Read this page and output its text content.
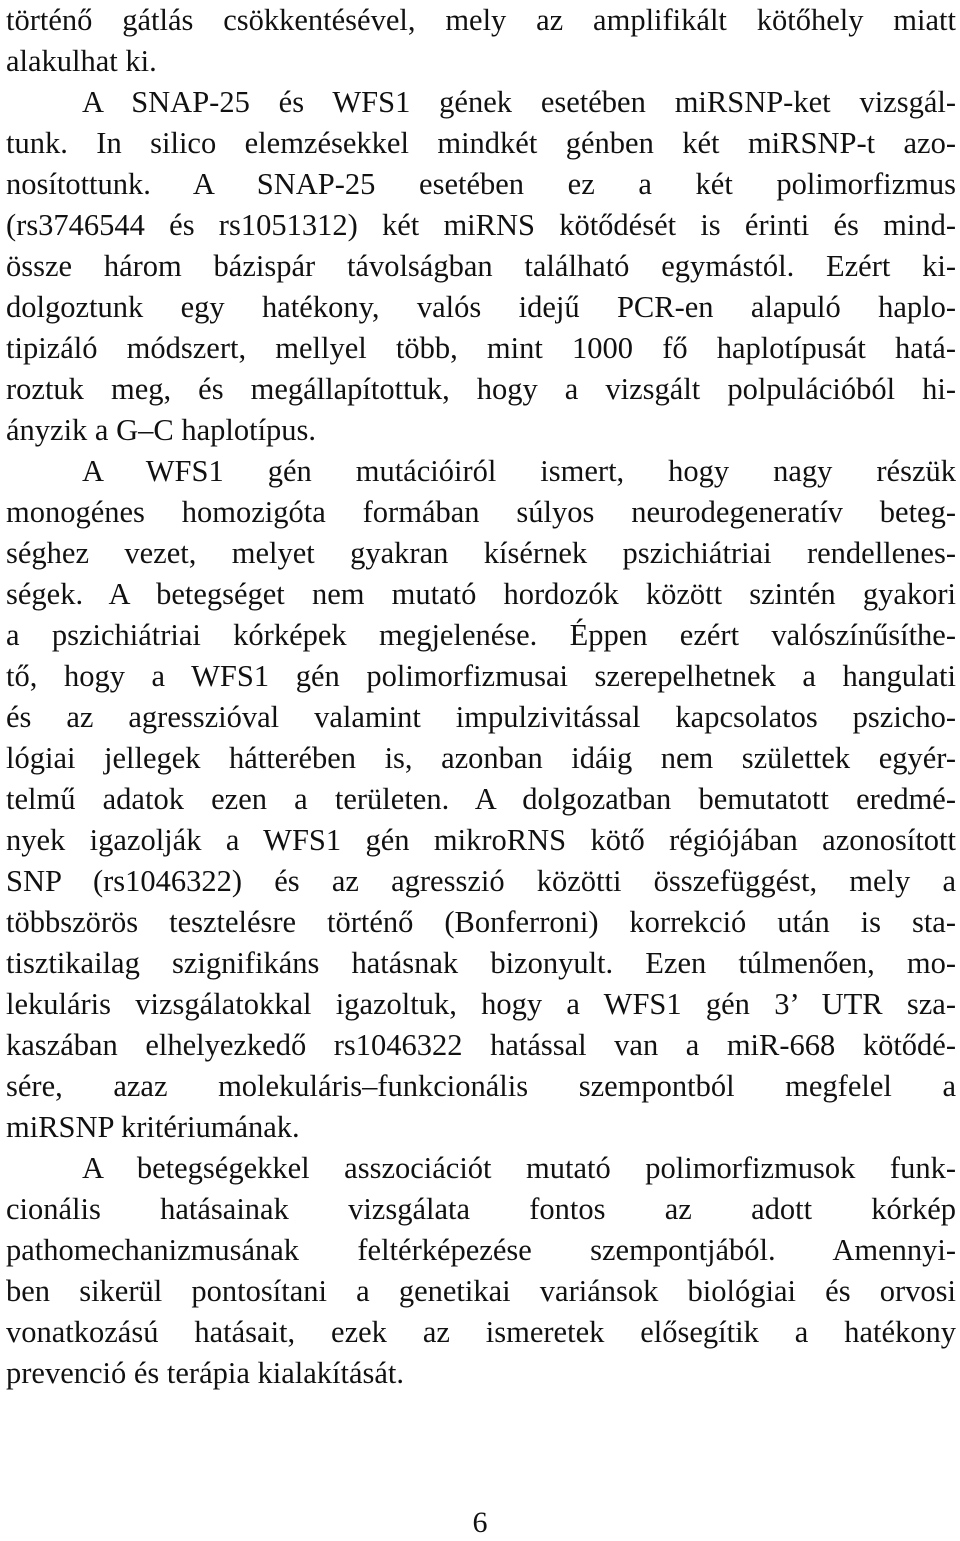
történő gátlás csökkentésével, mely az amplifikált kötőhely miatt
alakulhat ki.
A SNAP-25 és WFS1 gének esetében miRSNP-ket vizsgál-
tunk. In silico elemzésekkel mindkét génben két miRSNP-t azo-
nosítottunk. A SNAP-25 esetében ez a két polimorfizmus
(rs3746544 és rs1051312) két miRNS kötődését is érinti és mind-
össze három bázispár távolságban található egymástól. Ezért ki-
dolgoztunk egy hatékony, valós idejű PCR-en alapuló haplo-
tipizáló módszert, mellyel több, mint 1000 fő haplotípusát hatá-
roztuk meg, és megállapítottuk, hogy a vizsgált polpulációból hi-
ányzik a G–C haplotípus.
A WFS1 gén mutációiról ismert, hogy nagy részük
monogénes homozigóta formában súlyos neurodegeneratív beteg-
séghez vezet, melyet gyakran kísérnek pszichiátriai rendellenes-
ségek. A betegséget nem mutató hordozók között szintén gyakori
a pszichiátriai kórképek megjelenése. Éppen ezért valószínűsíthe-
tő, hogy a WFS1 gén polimorfizmusai szerepelhetnek a hangulati
és az agresszióval valamint impulzivitással kapcsolatos pszicho-
lógiai jellegek hátterében is, azonban idáig nem születtek egyér-
telmű adatok ezen a területen. A dolgozatban bemutatott eredmé-
nyek igazolják a WFS1 gén mikroRNS kötő régiójában azonosított
SNP (rs1046322) és az agresszió közötti összefüggést, mely a
többszörös tesztelésre történő (Bonferroni) korrekció után is sta-
tisztikailag szignifikáns hatásnak bizonyult. Ezen túlmenően, mo-
lekuláris vizsgálatokkal igazoltuk, hogy a WFS1 gén 3’ UTR sza-
kaszában elhelyezkedő rs1046322 hatással van a miR-668 kötődé-
sére, azaz molekuláris–funkcionális szempontból megfelel a
miRSNP kritériumának.
A betegségekkel asszociációt mutató polimorfizmusok funk-
cionális hatásainak vizsgálata fontos az adott kórkép
pathomechanizmusának feltérképezése szempontjából. Amennyi-
ben sikerül pontosítani a genetikai variánsok biológiai és orvosi
vonatkozású hatásait, ezek az ismeretek elősegítik a hatékony
prevenció és terápia kialakítását.
6
